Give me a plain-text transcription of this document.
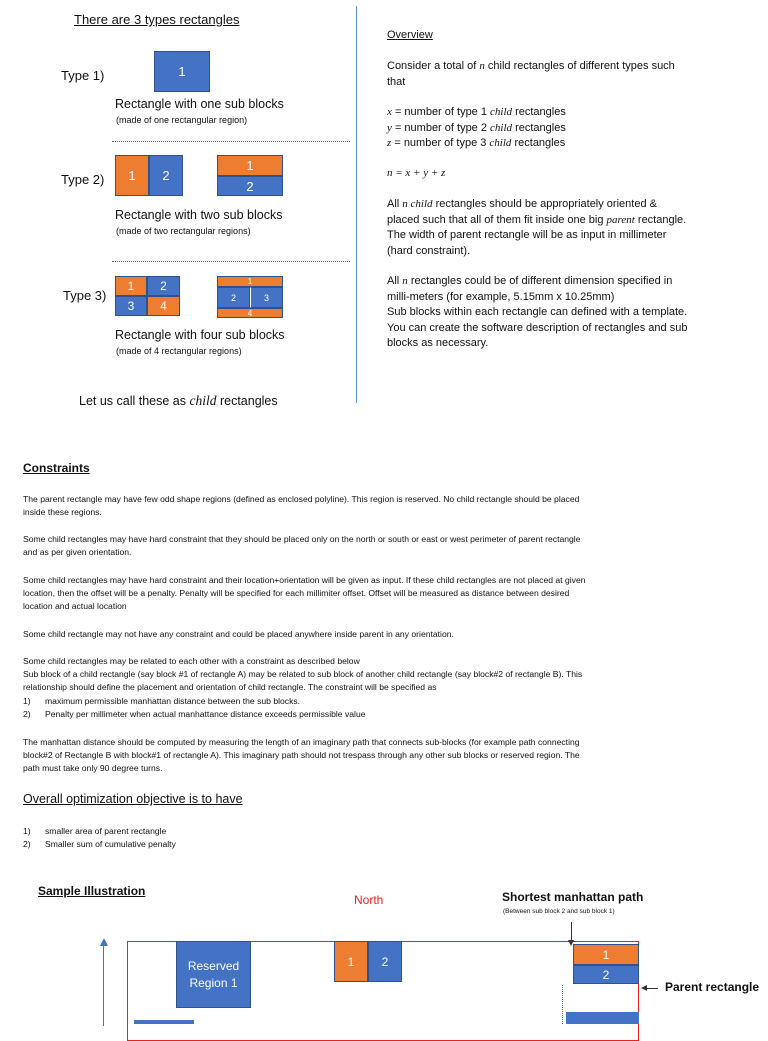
There are 3 types rectangles
Type 1)	1
Rectangle with one sub blocks
(made of one rectangular region)
Type 2)	1	2
1
2
Rectangle with two sub blocks
(made of two rectangular regions)
Type 3)
1	2
3	4
1
2	3
4
Rectangle with four sub blocks
(made of 4 rectangular regions)
Let us call these as child rectangles
Overview
Consider a total of n child rectangles of different types such
that
x = number of type 1 child rectangles
y = number of type 2 child rectangles
z = number of type 3 child rectangles
n = x + y + z
All n child rectangles should be appropriately oriented &
placed such that all of them fit inside one big parent rectangle.
The width of parent rectangle will be as input in millimeter
(hard constraint).
All n rectangles could be of different dimension specified in
milli-meters (for example, 5.15mm x 10.25mm)
Sub blocks within each rectangle can defined with a template.
You can create the software description of rectangles and sub
blocks as necessary.
Constraints
The parent rectangle may have few odd shape regions (defined as enclosed polyline). This region is reserved. No child rectangle should be placed
inside these regions.
Some child rectangles may have hard constraint that they should be placed only on the north or south or east or west perimeter of parent rectangle
and as per given orientation.
Some child rectangles may have hard constraint and their location+orientation will be given as input. If these child rectangles are not placed at given
location, then the offset will be a penalty. Penalty will be specified for each millimiter offset. Offset will be measured as distance between desired
location and actual location
Some child rectangle may not have any constraint and could be placed anywhere inside parent in any orientation.
Some child rectangles may be related to each other with a constraint as described below
Sub block of a child rectangle (say block #1 of rectangle A) may be related to sub block of another child rectangle (say block#2 of rectangle B). This
relationship should define the placement and orientation of child rectangle. The constraint will be specified as
1) maximum permissible manhattan distance between the sub blocks.
2) Penalty per millimeter when actual manhattance distance exceeds permissible value
The manhattan distance should be computed by measuring the length of an imaginary path that connects sub-blocks (for example path connecting
block#2 of Rectangle B with block#1 of rectangle A). This imaginary path should not trespass through any other sub blocks or reserved region. The
path must take only 90 degree turns.
Overall optimization objective is to have
1) smaller area of parent rectangle
2) Smaller sum of cumulative penalty
Sample Illustration
North	Shortest manhattan path
(Between sub block 2 and sub block 1)
Reserved
Region 1
1	2	1
2
Parent rectangle
